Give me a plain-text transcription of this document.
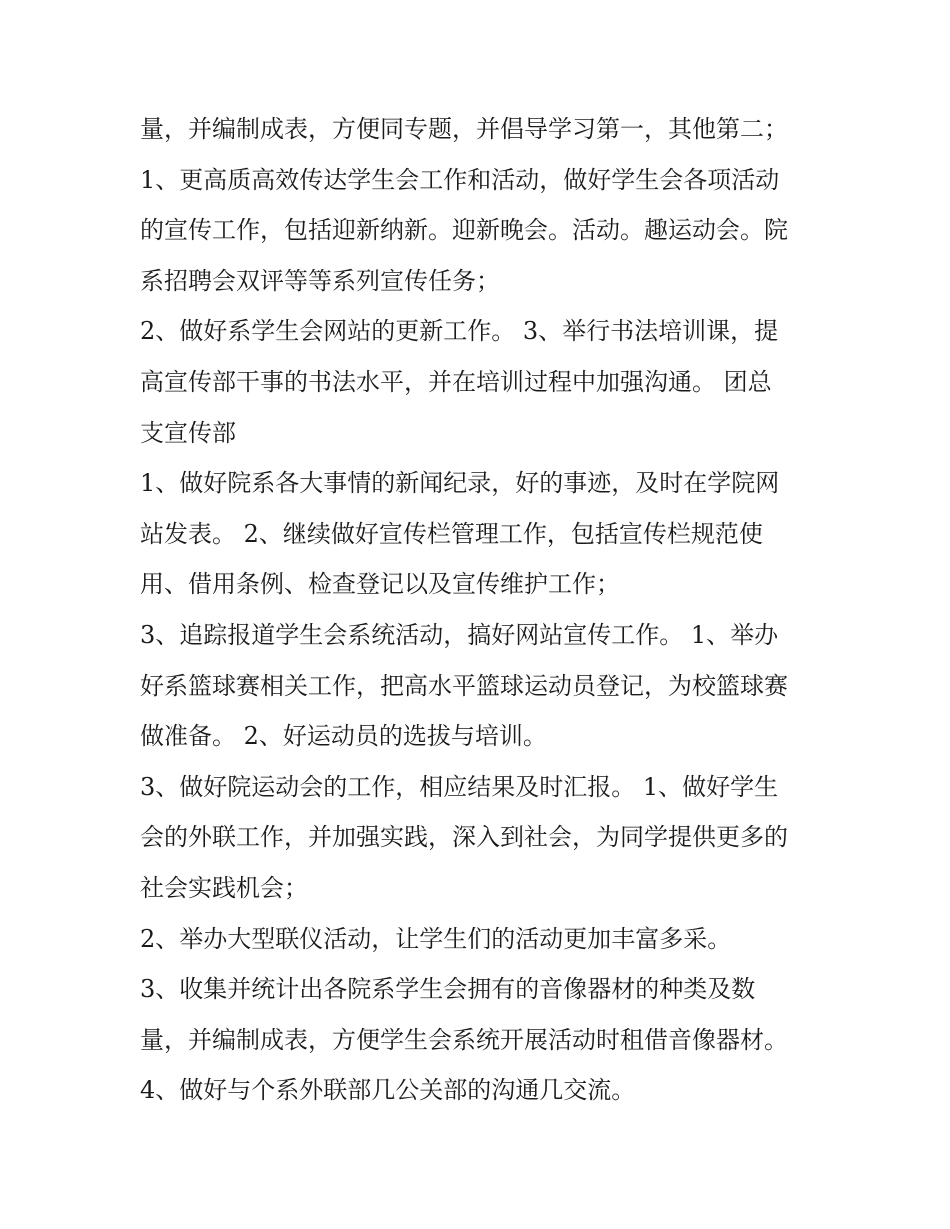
量，并编制成表，方便同专题，并倡导学习第一，其他第二；
1、更高质高效传达学生会工作和活动，做好学生会各项活动
的宣传工作，包括迎新纳新。迎新晚会。活动。趣运动会。院
系招聘会双评等等系列宣传任务；
2、做好系学生会网站的更新工作。 3、举行书法培训课，提
高宣传部干事的书法水平，并在培训过程中加强沟通。 团总
支宣传部
1、做好院系各大事情的新闻纪录，好的事迹，及时在学院网
站发表。 2、继续做好宣传栏管理工作，包括宣传栏规范使
用、借用条例、检查登记以及宣传维护工作；
3、追踪报道学生会系统活动，搞好网站宣传工作。 1、举办
好系篮球赛相关工作，把高水平篮球运动员登记，为校篮球赛
做准备。 2、好运动员的选拔与培训。
3、做好院运动会的工作，相应结果及时汇报。 1、做好学生
会的外联工作，并加强实践，深入到社会，为同学提供更多的
社会实践机会；
2、举办大型联仪活动，让学生们的活动更加丰富多采。
3、收集并统计出各院系学生会拥有的音像器材的种类及数
量，并编制成表，方便学生会系统开展活动时租借音像器材。
4、做好与个系外联部几公关部的沟通几交流。
